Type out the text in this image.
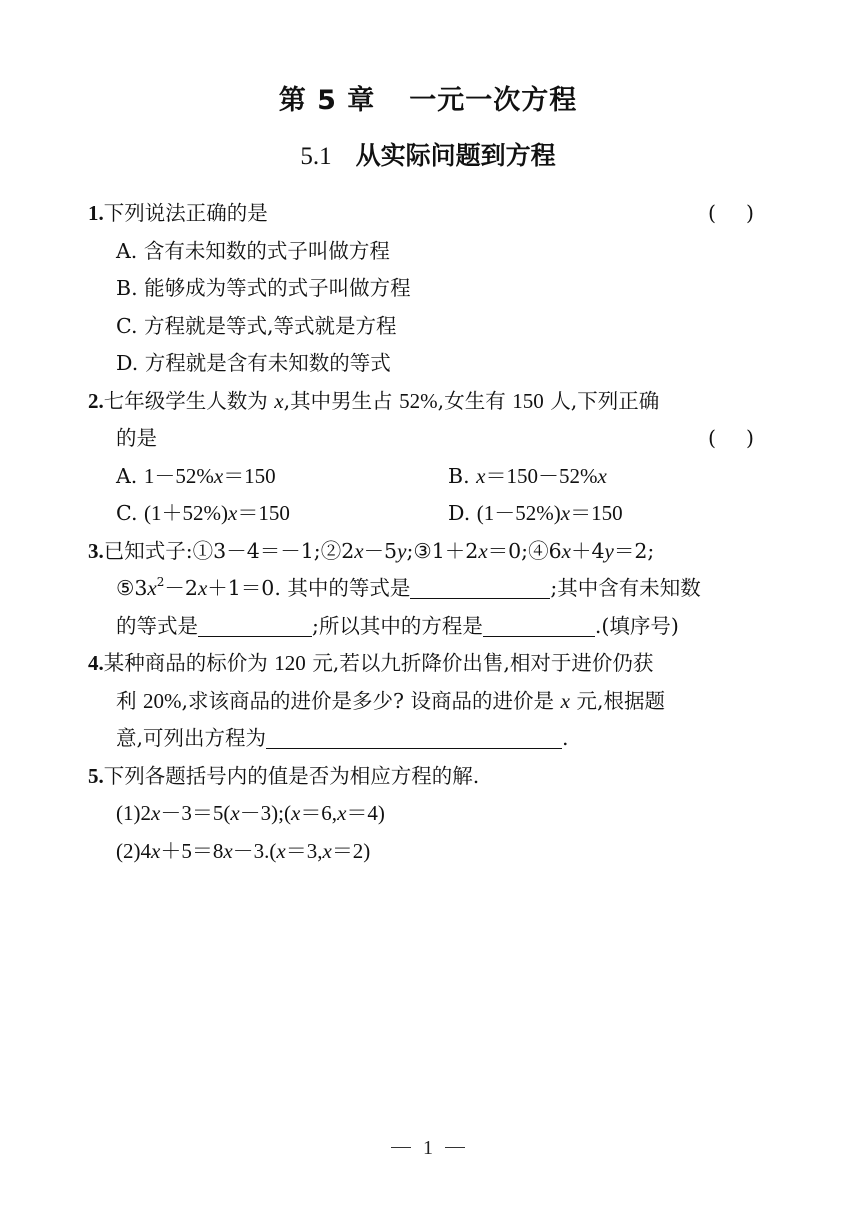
第 5 章 一元一次方程
5.1 从实际问题到方程
1.下列说法正确的是	( )
A. 含有未知数的式子叫做方程
B. 能够成为等式的式子叫做方程
C. 方程就是等式,等式就是方程
D. 方程就是含有未知数的等式
2.七年级学生人数为 x,其中男生占 52%,女生有 150 人,下列正确
的是	( )
A. 1－52%x＝150	B. x＝150－52%x
C. (1＋52%)x＝150	D. (1－52%)x＝150
3.已知式子:①3－4＝－1;②2x－5y;③1＋2x＝0;④6x＋4y＝2;
$⑤3x^2-2x+1=0$. 其中的等式是	;其中含有未知数
的等式是	;所以其中的方程是	.(填序号)
4.某种商品的标价为 120 元,若以九折降价出售,相对于进价仍获
利 20%,求该商品的进价是多少? 设商品的进价是 x 元,根据题
意,可列出方程为	.
5.下列各题括号内的值是否为相应方程的解.
(1)2x－3＝5(x－3);(x＝6,x＝4)
(2)4x＋5＝8x－3.(x＝3,x＝2)
1
